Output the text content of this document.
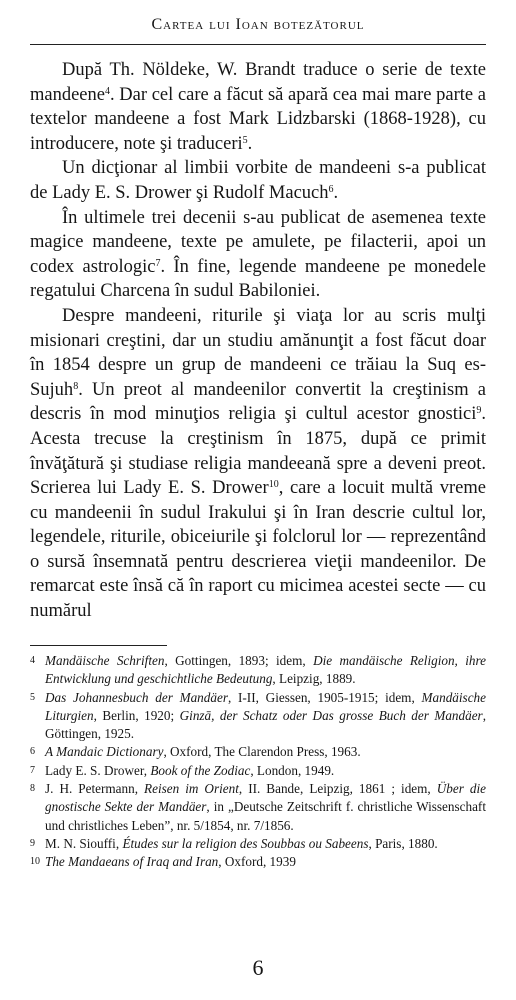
Cartea lui Ioan botezătorul

După Th. Nöldeke, W. Brandt traduce o serie de texte mandeene$^4$. Dar cel care a făcut să apară cea mai mare parte a textelor mandeene a fost Mark Lidzbarski (1868-1928), cu introducere, note şi traduceri$^5$.

Un dicţionar al limbii vorbite de mandeeni s-a publicat de Lady E. S. Drower şi Rudolf Macuch$^6$.

În ultimele trei decenii s-au publicat de asemenea texte magice mandeene, texte pe amulete, pe filacterii, apoi un codex astrologic$^7$. În fine, legende mandeene pe monedele regatului Charcena în sudul Babiloniei.

Despre mandeeni, riturile şi viaţa lor au scris mulţi misionari creştini, dar un studiu amănunţit a fost făcut doar în 1854 despre un grup de mandeeni ce trăiau la Suq es-Sujuh$^8$. Un preot al mandeenilor convertit la creştinism a descris în mod minuţios religia şi cultul acestor gnostici$^9$. Acesta trecuse la creştinism în 1875, după ce primit învăţătură şi studiase religia mandeeană spre a deveni preot. Scrierea lui Lady E. S. Drower$^{10}$, care a locuit multă vreme cu mandeenii în sudul Irakului şi în Iran descrie cultul lor, legendele, riturile, obiceiurile şi folclorul lor — reprezentând o sursă însemnată pentru descrierea vieţii mandeenilor. De remarcat este însă că în raport cu micimea acestei secte — cu numărul

4 Mandäische Schriften, Gottingen, 1893; idem, Die mandäische Religion, ihre Entwicklung und geschichtliche Bedeutung, Leipzig, 1889.
5 Das Johannesbuch der Mandäer, I-II, Giessen, 1905-1915; idem, Mandäische Liturgien, Berlin, 1920; Ginzā, der Schatz oder Das grosse Buch der Mandäer, Göttingen, 1925.
6 A Mandaic Dictionary, Oxford, The Clarendon Press, 1963.
7 Lady E. S. Drower, Book of the Zodiac, London, 1949.
8 J. H. Petermann, Reisen im Orient, II. Bande, Leipzig, 1861 ; idem, Über die gnostische Sekte der Mandäer, in „Deutsche Zeitschrift f. christliche Wissenschaft und christliches Leben”, nr. 5/1854, nr. 7/1856.
9 M. N. Siouffi, Études sur la religion des Soubbas ou Sabeens, Paris, 1880.
10 The Mandaeans of Iraq and Iran, Oxford, 1939
6
